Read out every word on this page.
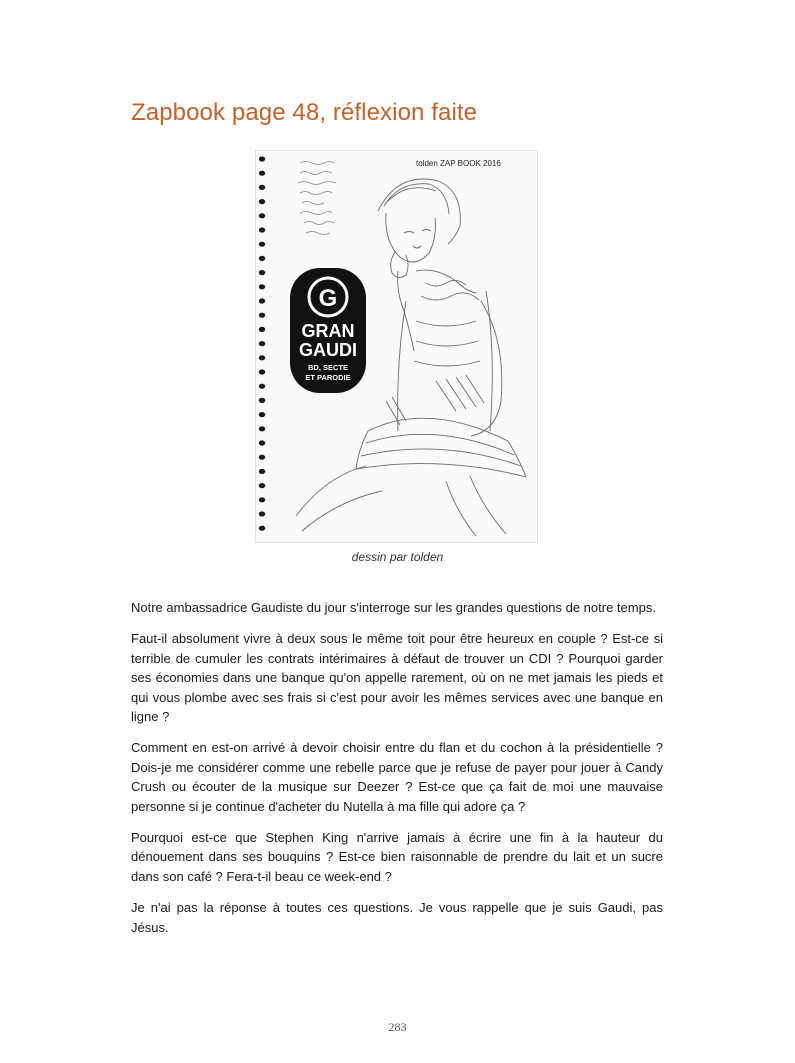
Zapbook page 48, réflexion faite
tolden ZAP BOOK 2016
G
GRAN
GAUDI
BD, SECTE
ET PARODIE
dessin par tolden

Notre ambassadrice Gaudiste du jour s'interroge sur les grandes questions de notre temps.

Faut-il absolument vivre à deux sous le même toit pour être heureux en couple ? Est-ce si terrible de cumuler les contrats intérimaires à défaut de trouver un CDI ? Pourquoi garder ses économies dans une banque qu'on appelle rarement, où on ne met jamais les pieds et qui vous plombe avec ses frais si c'est pour avoir les mêmes services avec une banque en ligne ?

Comment en est-on arrivé à devoir choisir entre du flan et du cochon à la présidentielle ? Dois-je me considérer comme une rebelle parce que je refuse de payer pour jouer à Candy Crush ou écouter de la musique sur Deezer ? Est-ce que ça fait de moi une mauvaise personne si je continue d'acheter du Nutella à ma fille qui adore ça ?

Pourquoi est-ce que Stephen King n'arrive jamais à écrire une fin à la hauteur du dénouement dans ses bouquins ? Est-ce bien raisonnable de prendre du lait et un sucre dans son café ? Fera-t-il beau ce week-end ?

Je n'ai pas la réponse à toutes ces questions. Je vous rappelle que je suis Gaudi, pas Jésus.

283
